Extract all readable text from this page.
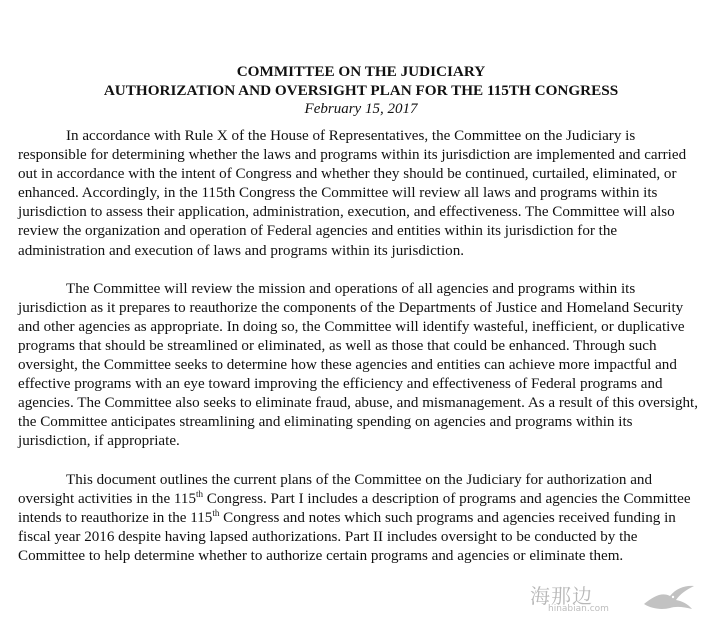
COMMITTEE ON THE JUDICIARY

AUTHORIZATION AND OVERSIGHT PLAN FOR THE 115TH CONGRESS

February 15, 2017

In accordance with Rule X of the House of Representatives, the Committee on the Judiciary is responsible for determining whether the laws and programs within its jurisdiction are implemented and carried out in accordance with the intent of Congress and whether they should be continued, curtailed, eliminated, or enhanced. Accordingly, in the 115th Congress the Committee will review all laws and programs within its jurisdiction to assess their application, administration, execution, and effectiveness. The Committee will also review the organization and operation of Federal agencies and entities within its jurisdiction for the administration and execution of laws and programs within its jurisdiction.

The Committee will review the mission and operations of all agencies and programs within its jurisdiction as it prepares to reauthorize the components of the Departments of Justice and Homeland Security and other agencies as appropriate. In doing so, the Committee will identify wasteful, inefficient, or duplicative programs that should be streamlined or eliminated, as well as those that could be enhanced. Through such oversight, the Committee seeks to determine how these agencies and entities can achieve more impactful and effective programs with an eye toward improving the efficiency and effectiveness of Federal programs and agencies. The Committee also seeks to eliminate fraud, abuse, and mismanagement. As a result of this oversight, the Committee anticipates streamlining and eliminating spending on agencies and programs within its jurisdiction, if appropriate.

This document outlines the current plans of the Committee on the Judiciary for authorization and oversight activities in the 115th Congress. Part I includes a description of programs and agencies the Committee intends to reauthorize in the 115th Congress and notes which such programs and agencies received funding in fiscal year 2016 despite having lapsed authorizations. Part II includes oversight to be conducted by the Committee to help determine whether to authorize certain programs and agencies or eliminate them.

海那边
hinabian.com
